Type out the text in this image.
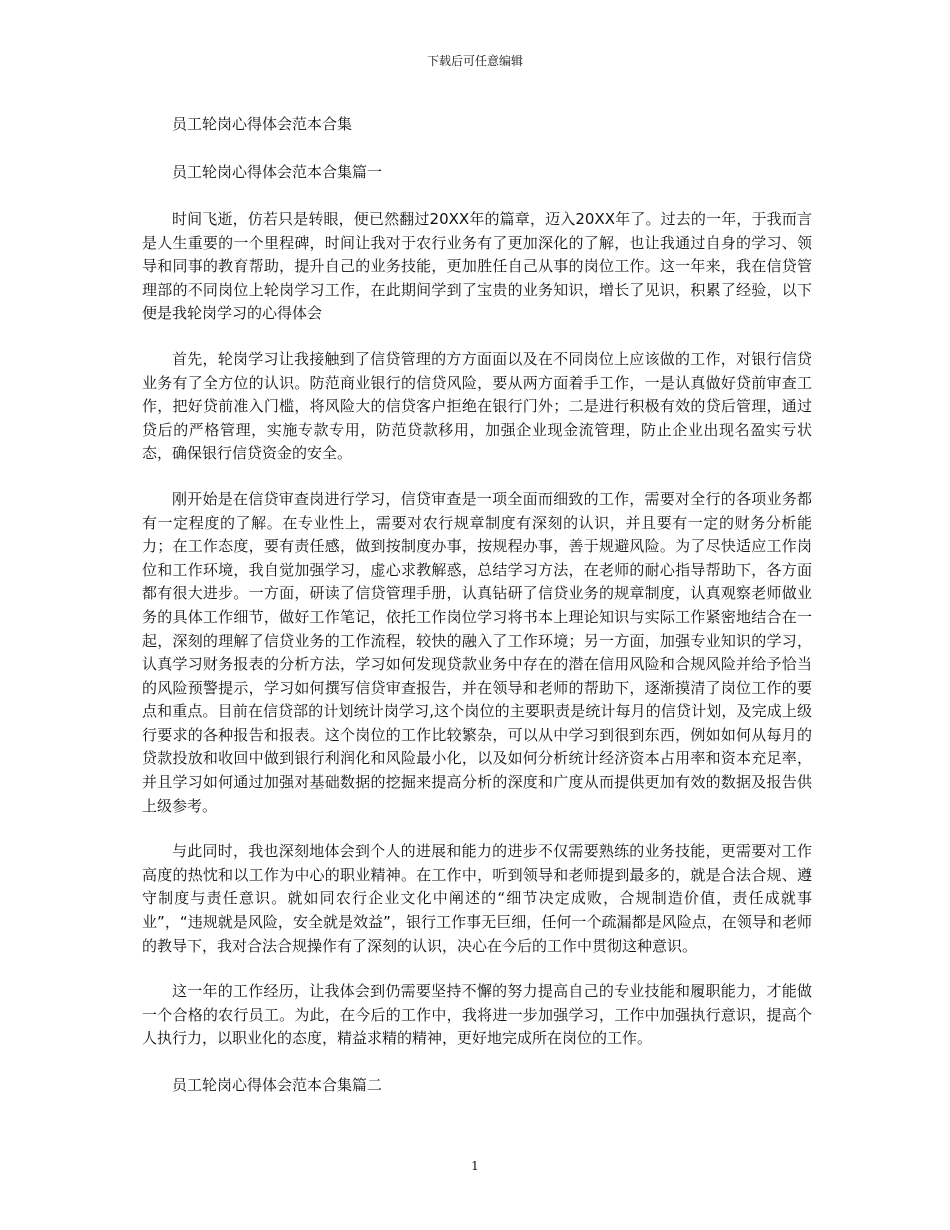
下载后可任意编辑
员工轮岗心得体会范本合集
员工轮岗心得体会范本合集篇一
时间飞逝，仿若只是转眼，便已然翻过20XX年的篇章，迈入20XX年了。过去的一年，于我而言是人生重要的一个里程碑，时间让我对于农行业务有了更加深化的了解，也让我通过自身的学习、领导和同事的教育帮助，提升自己的业务技能，更加胜任自己从事的岗位工作。这一年来，我在信贷管理部的不同岗位上轮岗学习工作，在此期间学到了宝贵的业务知识，增长了见识，积累了经验，以下便是我轮岗学习的心得体会
首先，轮岗学习让我接触到了信贷管理的方方面面以及在不同岗位上应该做的工作，对银行信贷业务有了全方位的认识。防范商业银行的信贷风险，要从两方面着手工作，一是认真做好贷前审查工作，把好贷前准入门槛，将风险大的信贷客户拒绝在银行门外；二是进行积极有效的贷后管理，通过贷后的严格管理，实施专款专用，防范贷款移用，加强企业现金流管理，防止企业出现名盈实亏状态，确保银行信贷资金的安全。
刚开始是在信贷审查岗进行学习，信贷审查是一项全面而细致的工作，需要对全行的各项业务都有一定程度的了解。在专业性上，需要对农行规章制度有深刻的认识，并且要有一定的财务分析能力；在工作态度，要有责任感，做到按制度办事，按规程办事，善于规避风险。为了尽快适应工作岗位和工作环境，我自觉加强学习，虚心求教解惑，总结学习方法，在老师的耐心指导帮助下，各方面都有很大进步。一方面，研读了信贷管理手册，认真钻研了信贷业务的规章制度，认真观察老师做业务的具体工作细节，做好工作笔记，依托工作岗位学习将书本上理论知识与实际工作紧密地结合在一起，深刻的理解了信贷业务的工作流程，较快的融入了工作环境；另一方面，加强专业知识的学习，认真学习财务报表的分析方法，学习如何发现贷款业务中存在的潜在信用风险和合规风险并给予恰当的风险预警提示，学习如何撰写信贷审查报告，并在领导和老师的帮助下，逐渐摸清了岗位工作的要点和重点。目前在信贷部的计划统计岗学习,这个岗位的主要职责是统计每月的信贷计划，及完成上级行要求的各种报告和报表。这个岗位的工作比较繁杂，可以从中学习到很到东西，例如如何从每月的贷款投放和收回中做到银行利润化和风险最小化，以及如何分析统计经济资本占用率和资本充足率，并且学习如何通过加强对基础数据的挖掘来提高分析的深度和广度从而提供更加有效的数据及报告供上级参考。
与此同时，我也深刻地体会到个人的进展和能力的进步不仅需要熟练的业务技能，更需要对工作高度的热忱和以工作为中心的职业精神。在工作中，听到领导和老师提到最多的，就是合法合规、遵守制度与责任意识。就如同农行企业文化中阐述的“细节决定成败，合规制造价值，责任成就事业”，“违规就是风险，安全就是效益”，银行工作事无巨细，任何一个疏漏都是风险点，在领导和老师的教导下，我对合法合规操作有了深刻的认识，决心在今后的工作中贯彻这种意识。
这一年的工作经历，让我体会到仍需要坚持不懈的努力提高自己的专业技能和履职能力，才能做一个合格的农行员工。为此，在今后的工作中，我将进一步加强学习，工作中加强执行意识，提高个人执行力，以职业化的态度，精益求精的精神，更好地完成所在岗位的工作。
员工轮岗心得体会范本合集篇二
1
